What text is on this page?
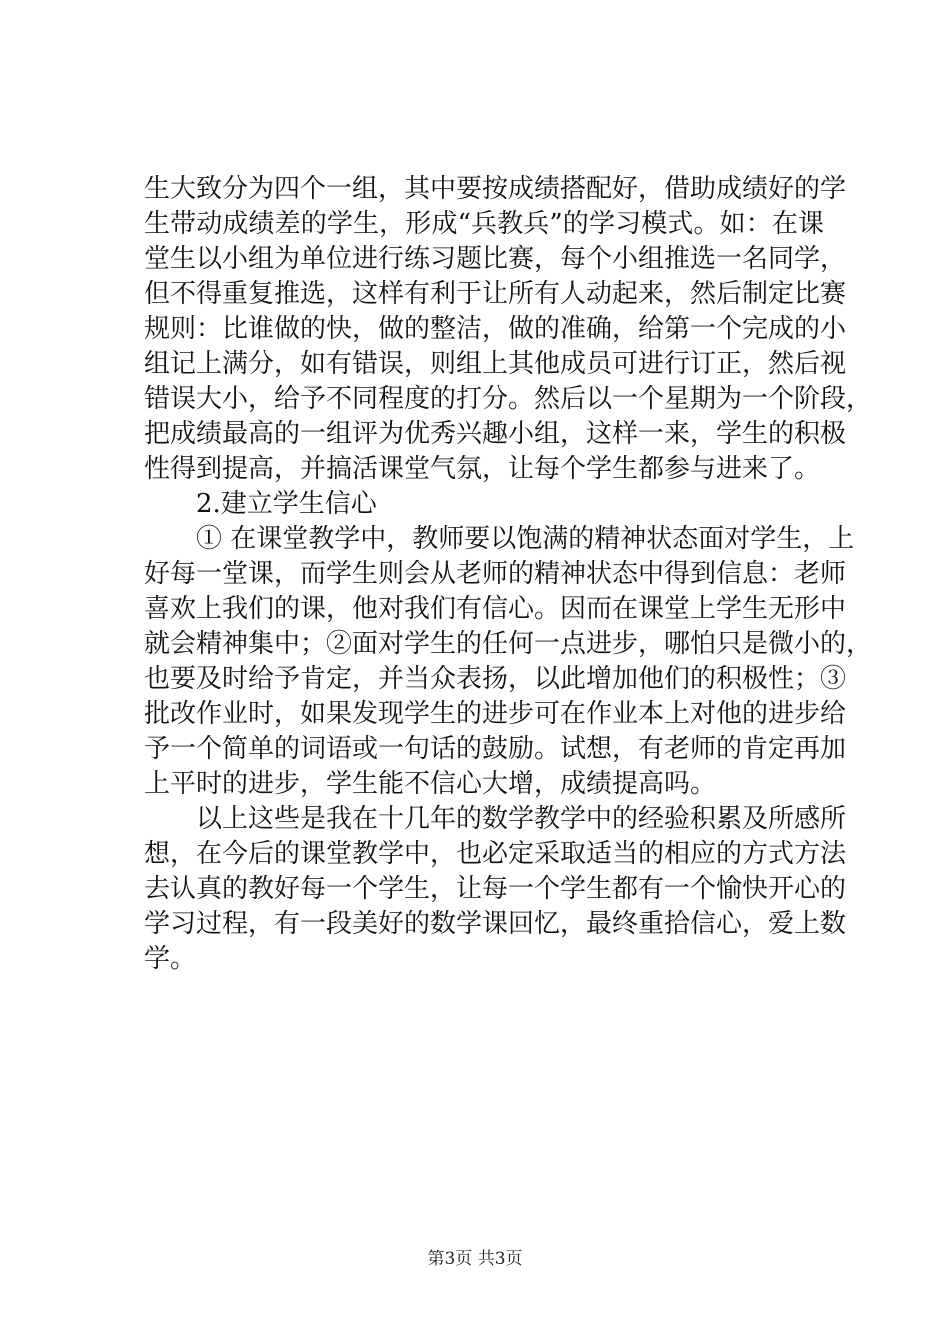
生大致分为四个一组，其中要按成绩搭配好，借助成绩好的学
生带动成绩差的学生，形成“兵教兵”的学习模式。如：在课
堂生以小组为单位进行练习题比赛，每个小组推选一名同学，
但不得重复推选，这样有利于让所有人动起来，然后制定比赛
规则：比谁做的快，做的整洁，做的准确，给第一个完成的小
组记上满分，如有错误，则组上其他成员可进行订正，然后视
错误大小，给予不同程度的打分。然后以一个星期为一个阶段，
把成绩最高的一组评为优秀兴趣小组，这样一来，学生的积极
性得到提高，并搞活课堂气氛，让每个学生都参与进来了。
2.建立学生信心
① 在课堂教学中，教师要以饱满的精神状态面对学生，上
好每一堂课，而学生则会从老师的精神状态中得到信息：老师
喜欢上我们的课，他对我们有信心。因而在课堂上学生无形中
就会精神集中；②面对学生的任何一点进步，哪怕只是微小的，
也要及时给予肯定，并当众表扬，以此增加他们的积极性；③
批改作业时，如果发现学生的进步可在作业本上对他的进步给
予一个简单的词语或一句话的鼓励。试想，有老师的肯定再加
上平时的进步，学生能不信心大增，成绩提高吗。
以上这些是我在十几年的数学教学中的经验积累及所感所
想，在今后的课堂教学中，也必定采取适当的相应的方式方法
去认真的教好每一个学生，让每一个学生都有一个愉快开心的
学习过程，有一段美好的数学课回忆，最终重拾信心，爱上数
学。
第3页 共3页
